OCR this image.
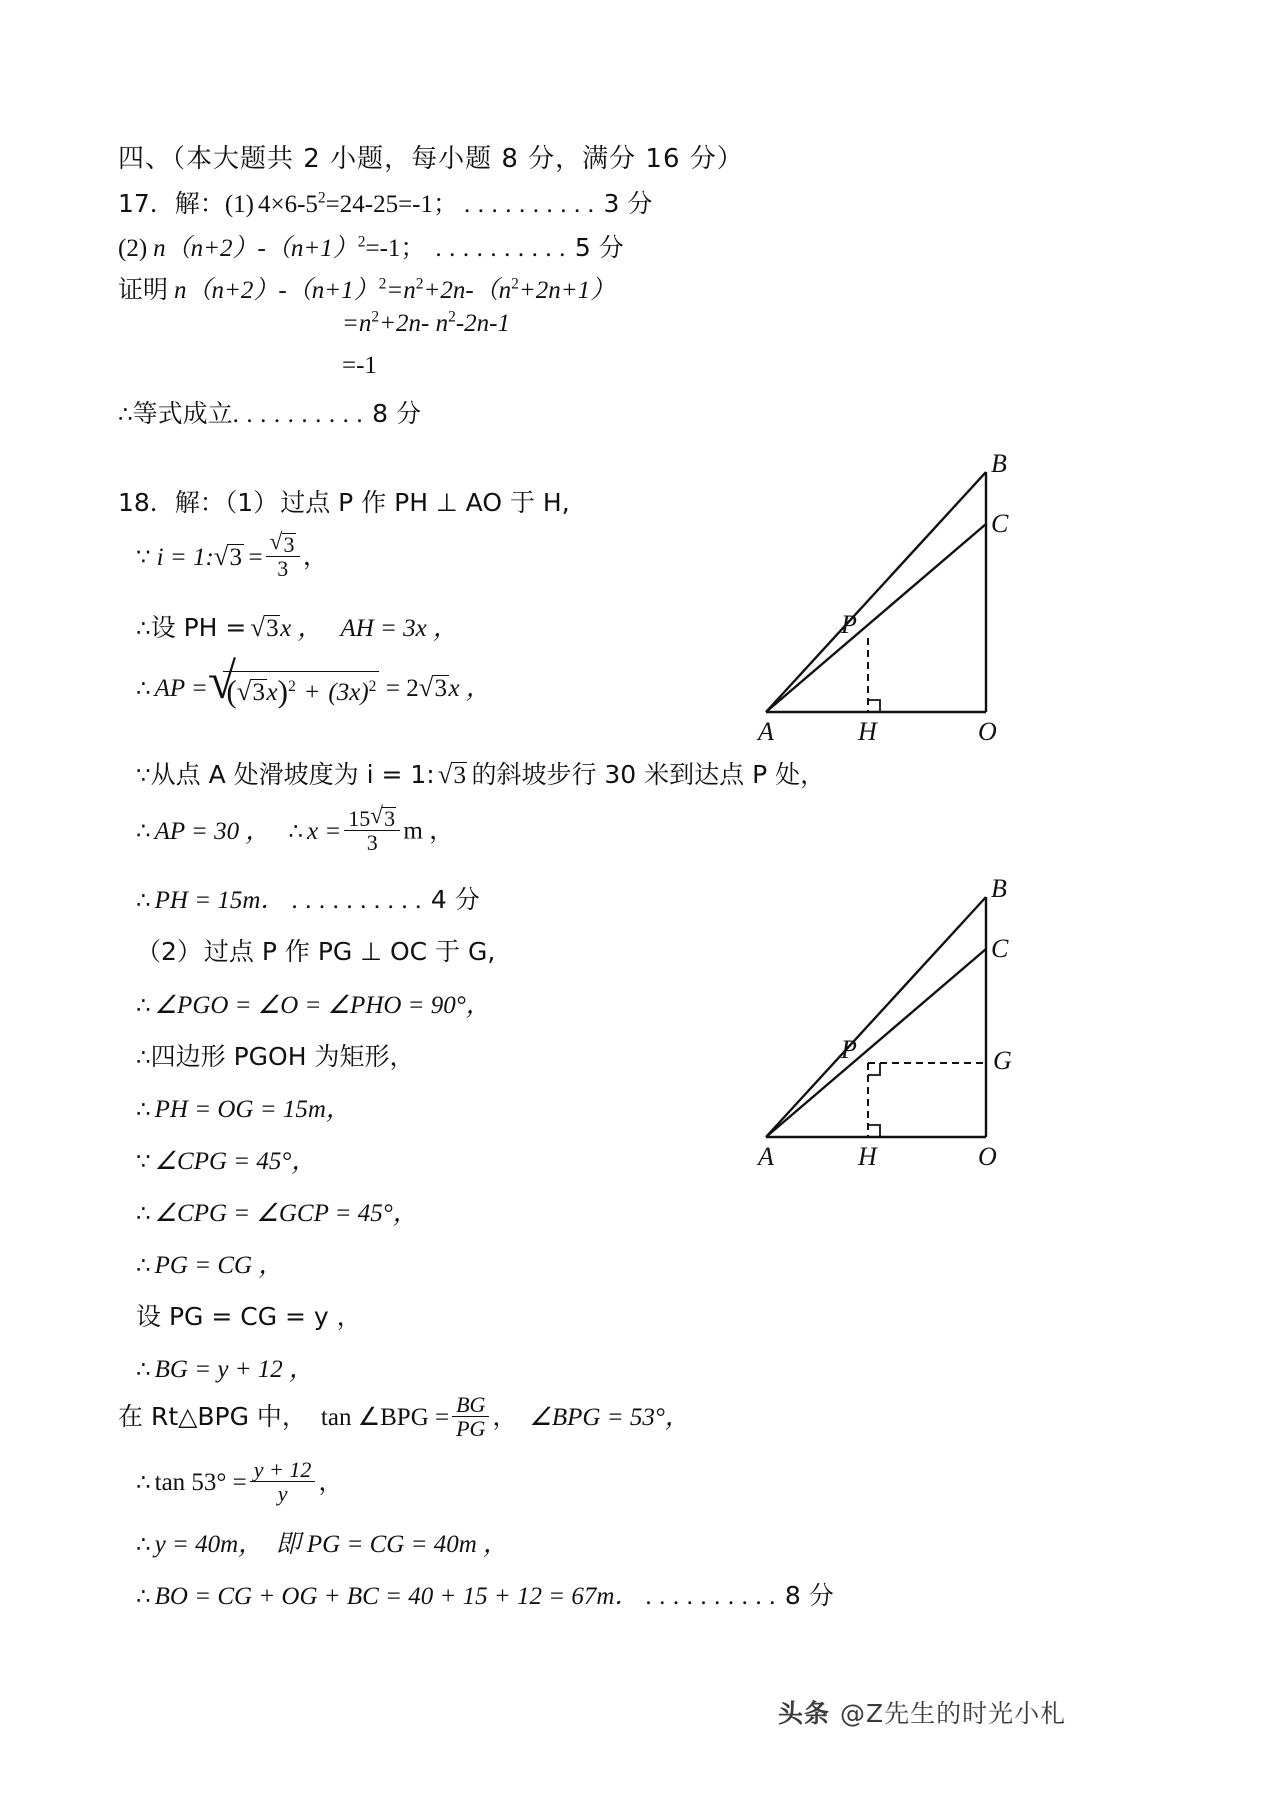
四、（本大题共 2 小题，每小题 8 分，满分 16 分）
17．解：(1) $4\times 6-5^2=24-25=-1$； ..........3 分
(2) $n(n+2)-(n+1)^2=-1$； ..........5 分
证明 $n(n+2)-(n+1)^2=n^2+2n-(n^2+2n+1)$
$=n^2+2n-$ $n^2-2n-1$
=-1
∴等式成立..........8 分
18．解：（1）过点 P 作 PH ⊥ AO 于 H,
∵ i = 1: √ 3 = √ $\frac{3}{3}$ ，
∴设 PH = √ 3x ， AH = 3x ，
∴ AP = √ ( √ $3x)^2 + (3x)^2 = 2$ √ 3x ，
∵从点 A 处滑坡度为 i = 1: √ 3 的斜坡步行 30 米到达点 P 处，
∴ AP = 30 ， ∴ $x = \frac{15 √ 3}{3}$ m ，
∴ PH = 15m． ..........4 分
（2）过点 P 作 PG ⊥ OC 于 G,
∴ ∠PGO = ∠O = ∠PHO = 90°，
∴四边形 PGOH 为矩形，
∴ PH = OG = 15m，
∵ ∠CPG = 45°，
∴ ∠CPG = ∠GCP = 45°，
∴ PG = CG ，
设 PG = CG = y ，
∴ BG = y + 12 ，
在 Rt△BPG 中， tan ∠BPG = $\frac{BG}{PG}$ ， ∠BPG = 53°，
∴ $\tan 53^\circ = \frac{y + 12}{y}$ ，
∴ y = 40m，　即 PG = CG = 40m ，
∴ BO = CG + OG + BC = 40 + 15 + 12 = 67m． ..........8 分
B
C
P
A	H	O
B
C
P	G
A	H	O
头条 @Z先生的时光小札
